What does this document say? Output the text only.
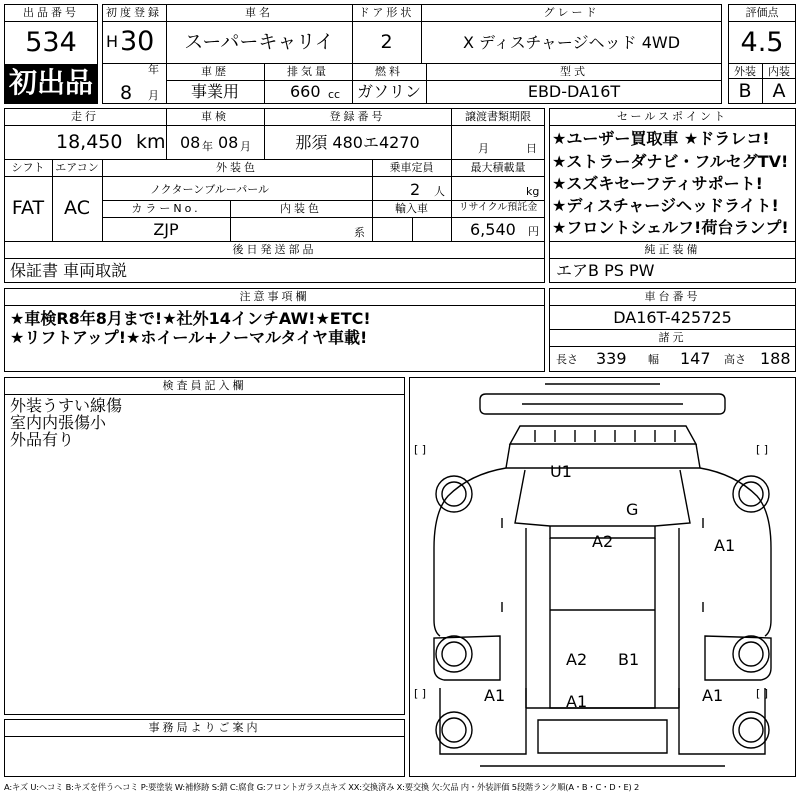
出品番号
534
初出品
初度登録
H 30
年
8 月
車名
スーパーキャリイ
ドア形状
2
グレード
X ディスチャージヘッド 4WD
車歴
事業用
排気量
660 cc
燃料
ガソリン
型式
EBD-DA16T
評価点
4.5
外装	内装
B	A
走行
18,450 km
車検
08 年 08 月
登録番号
那須 480エ4270
譲渡書類期限
月	日
シフト
FAT
エアコン
AC
外装色
ノクターンブルーパール
乗車定員
2 人
最大積載量
kg
カラーNo.
ZJP
内装色
系
輸入車	リサイクル預託金
6,540 円
後日発送部品
保証書 車両取説
セールスポイント
★ユーザー買取車 ★ドラレコ!
★ストラーダナビ・フルセグTV!
★スズキセーフティサポート!
★ディスチャージヘッドライト!
★フロントシェルフ!荷台ランプ!
純正装備
エアB PS PW
注意事項欄
★車検R8年8月まで!★社外14インチAW!★ETC!
★リフトアップ!★ホイール+ノーマルタイヤ車載!
車台番号
DA16T-425725
諸元
長さ 339 幅 147 高さ 188
検査員記入欄
外装うすい線傷
室内内張傷小
外品有り
事務局よりご案内
[ ]	[ ]
[ ]	[ ]
U1
G
A2	A1
A2 B1
A1
A1	A1
A:キズ U:ヘコミ B:キズを伴うヘコミ P:要塗装 W:補修跡 S:錆 C:腐食 G:フロントガラス点キズ XX:交換済み X:要交換 欠:欠品 内・外装評価 5段階ランク順(A・B・C・D・E) 2
